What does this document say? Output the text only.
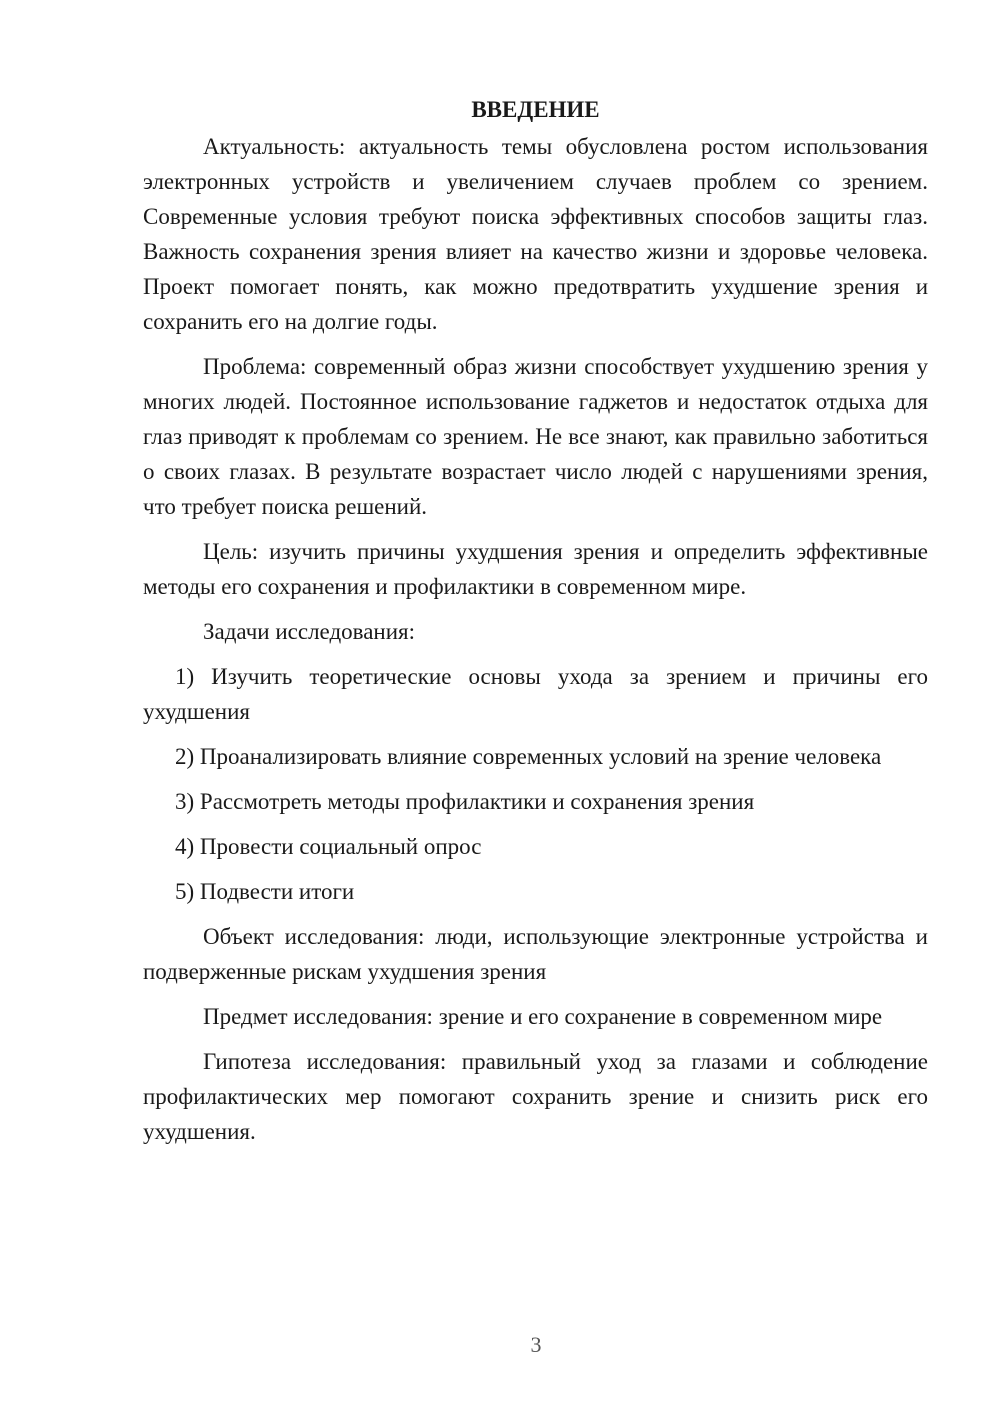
ВВЕДЕНИЕ

Актуальность: актуальность темы обусловлена ростом использования электронных устройств и увеличением случаев проблем со зрением. Современные условия требуют поиска эффективных способов защиты глаз. Важность сохранения зрения влияет на качество жизни и здоровье человека. Проект помогает понять, как можно предотвратить ухудшение зрения и сохранить его на долгие годы.

Проблема: современный образ жизни способствует ухудшению зрения у многих людей. Постоянное использование гаджетов и недостаток отдыха для глаз приводят к проблемам со зрением. Не все знают, как правильно заботиться о своих глазах. В результате возрастает число людей с нарушениями зрения, что требует поиска решений.

Цель: изучить причины ухудшения зрения и определить эффективные методы его сохранения и профилактики в современном мире.

Задачи исследования:

1) Изучить теоретические основы ухода за зрением и причины его ухудшения

2) Проанализировать влияние современных условий на зрение человека

3) Рассмотреть методы профилактики и сохранения зрения

4) Провести социальный опрос

5) Подвести итоги

Объект исследования: люди, использующие электронные устройства и подверженные рискам ухудшения зрения

Предмет исследования: зрение и его сохранение в современном мире

Гипотеза исследования: правильный уход за глазами и соблюдение профилактических мер помогают сохранить зрение и снизить риск его ухудшения.

3
